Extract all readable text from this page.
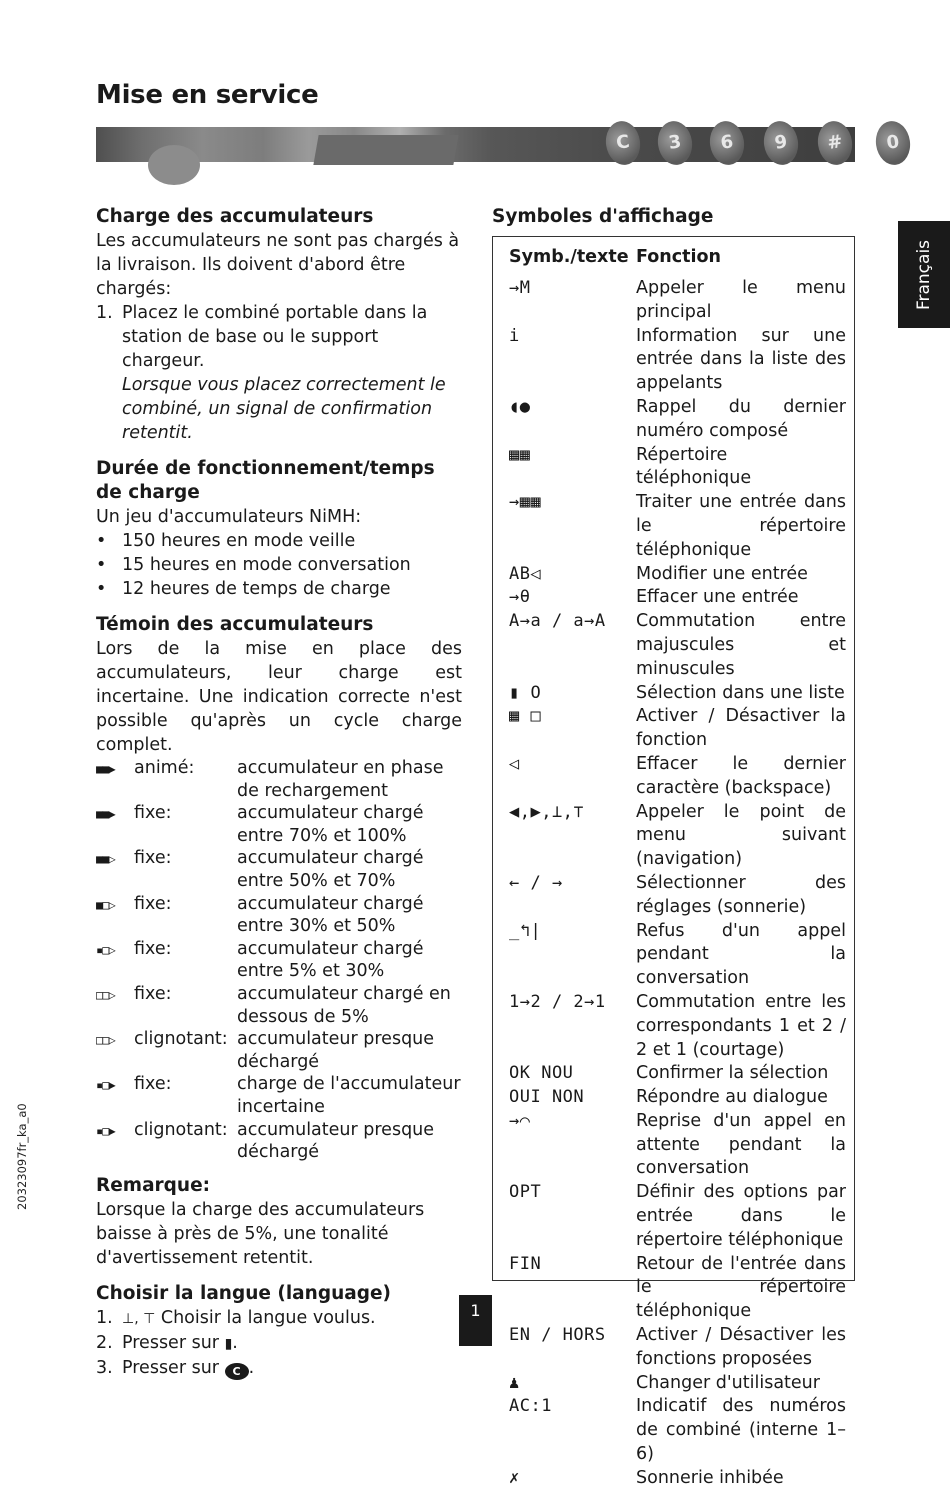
Mise en service
C	3	6	9	#	0
Français
20323097fr_ka_a0
Charge des accumulateurs

Les accumulateurs ne sont pas chargés à la livraison. Ils doivent d'abord être chargés:

1. Placez le combiné portable dans la station de base ou le support chargeur.
Lorsque vous placez correctement le combiné, un signal de confirmation retentit.
Durée de fonctionnement/temps de charge

Un jeu d'accumulateurs NiMH:

• 150 heures en mode veille
• 15 heures en mode conversation
• 12 heures de temps de charge
Témoin des accumulateurs

Lors de la mise en place des accumulateurs, leur charge est incertaine. Une indication correcte n'est possible qu'après un cycle charge complet.

■■▶	animé:	accumulateur en phase de rechargement
■■▶	fixe:	accumulateur chargé entre 70% et 100%
■■▷	fixe:	accumulateur chargé entre 50% et 70%
■□▷	fixe:	accumulateur chargé entre 30% et 50%
▪□▷	fixe:	accumulateur chargé entre 5% et 30%
□□▷	fixe:	accumulateur chargé en dessous de 5%
□□▷	clignotant: accumulateur presque déchargé
▪□▶	fixe:	charge de l'accumulateur incertaine
▪□▶	clignotant: accumulateur presque déchargé
Remarque:

Lorsque la charge des accumulateurs baisse à près de 5%, une tonalité d'avertissement retentit.

Choisir la langue (language)
1. ⊥, ⊤ Choisir la langue voulus.
2. Presser sur ▮.
3. Presser sur C .
Symboles d'affichage
Symb./texte Fonction
→M	Appeler le menu principal
i	Information sur une entrée dans la liste des appelants
◖●	Rappel du dernier numéro composé
▦▦	Répertoire téléphonique
→▦▦	Traiter une entrée dans le répertoire téléphonique
AB◁	Modifier une entrée
→θ	Effacer une entrée
A→a / a→A	Commutation entre majuscules et minuscules
▮ O	Sélection dans une liste
▦ □	Activer / Désactiver la fonction
◁	Effacer le dernier caractère (backspace)
◀,▶,⊥,⊤	Appeler le point de menu suivant (navigation)
← / →	Sélectionner des réglages (sonnerie)
_↰|	Refus d'un appel pendant la conversation
1→2 / 2→1	Commutation entre les correspondants 1 et 2 / 2 et 1 (courtage)
OK NOU	Confirmer la sélection
OUI NON	Répondre au dialogue
→⌒	Reprise d'un appel en attente pendant la conversation
OPT	Définir des options par entrée dans le répertoire téléphonique
FIN	Retour de l'entrée dans le répertoire téléphonique
EN / HORS	Activer / Désactiver les fonctions proposées
♟	Changer d'utilisateur
AC:1	Indicatif des numéros de combiné (interne 1–6)
✗	Sonnerie inhibée
1
